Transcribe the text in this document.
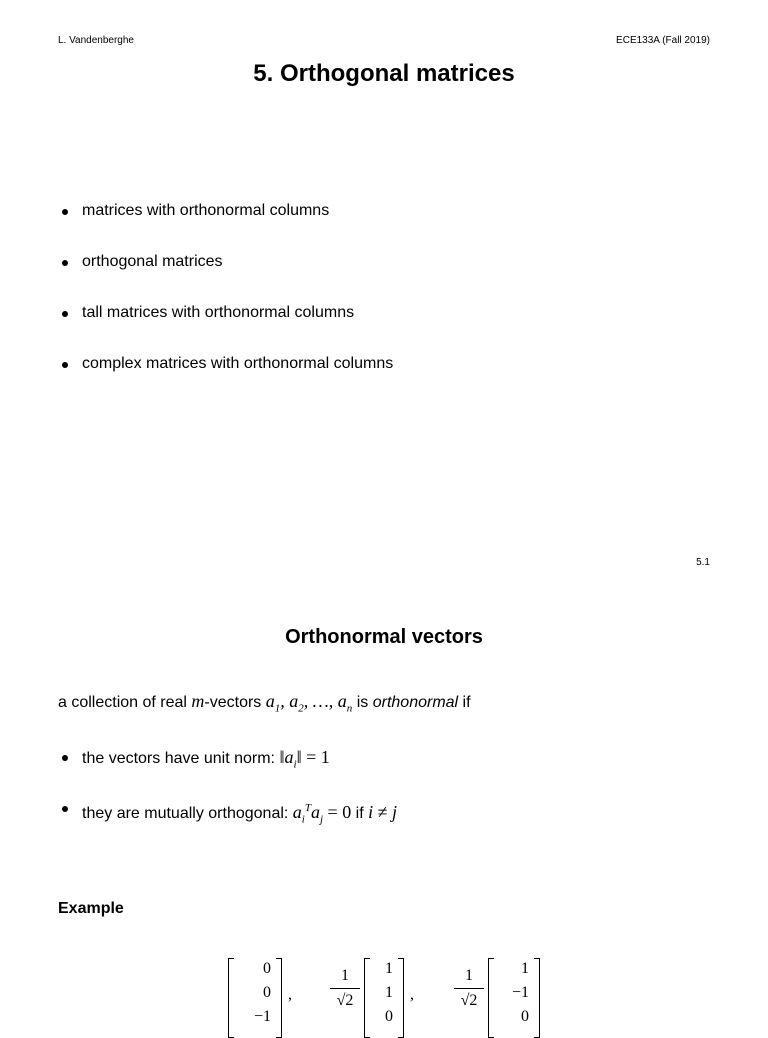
L. Vandenberghe	ECE133A (Fall 2019)
5. Orthogonal matrices
matrices with orthonormal columns
orthogonal matrices
tall matrices with orthonormal columns
complex matrices with orthonormal columns
5.1
Orthonormal vectors
a collection of real m-vectors $a_1$, $a_2$, …, $a_n$ is orthonormal if
the vectors have unit norm: $‖a_i‖ = 1$
they are mutually orthogonal: $a_i^Ta_j = 0$ if i ≠ j
Example
0
0
−1
,
1
√2
1
1
0
,
1
√2
1
−1
0
